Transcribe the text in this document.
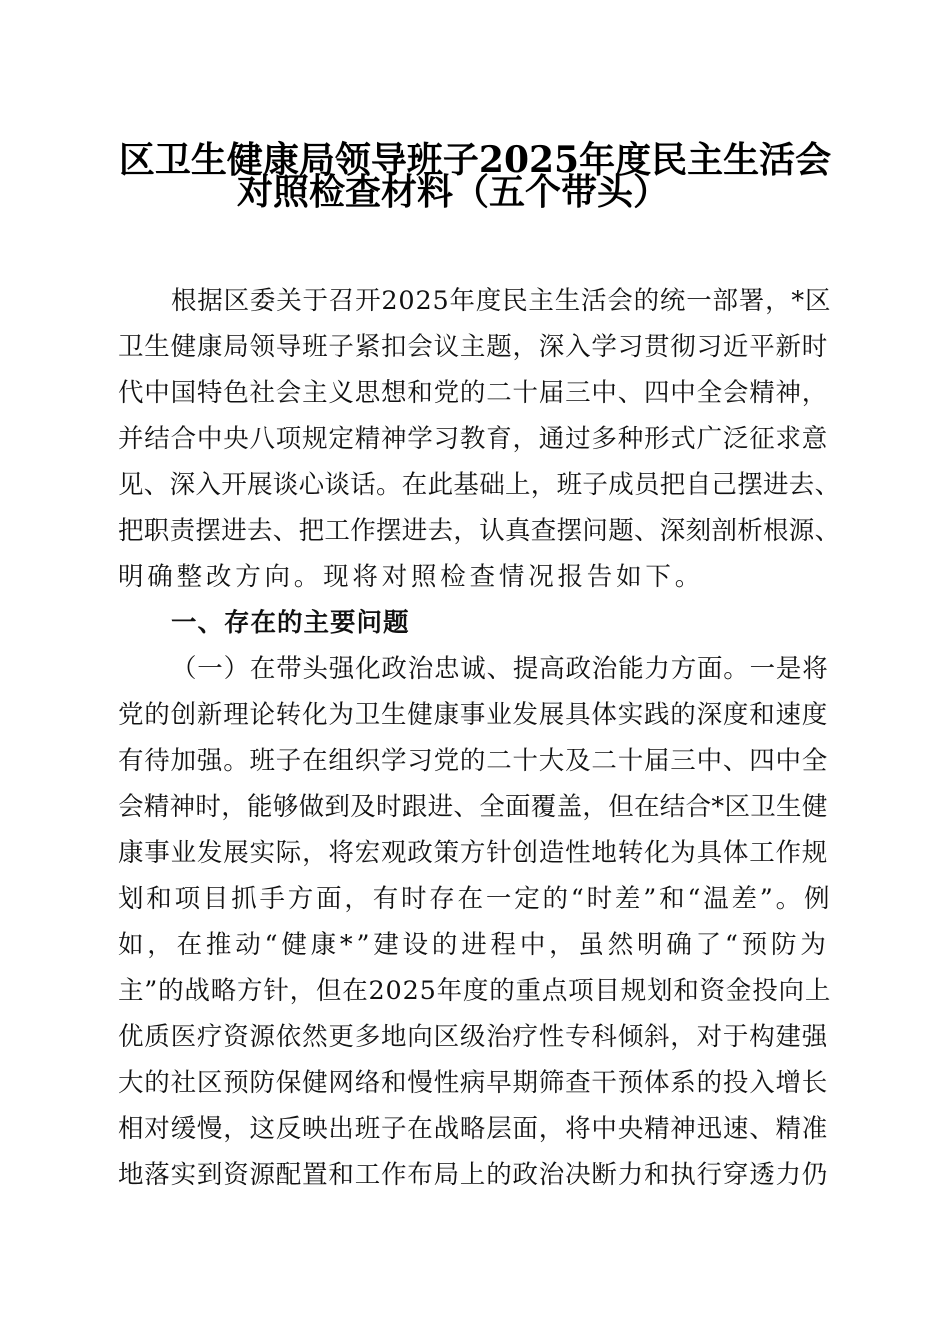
区卫生健康局领导班子2025年度民主生活会
对照检查材料（五个带头）
根据区委关于召开2025年度民主生活会的统一部署，*区
卫生健康局领导班子紧扣会议主题，深入学习贯彻习近平新时
代中国特色社会主义思想和党的二十届三中、四中全会精神，
并结合中央八项规定精神学习教育，通过多种形式广泛征求意
见、深入开展谈心谈话。在此基础上，班子成员把自己摆进去、
把职责摆进去、把工作摆进去，认真查摆问题、深刻剖析根源、
明确整改方向。现将对照检查情况报告如下。
一、存在的主要问题
（一）在带头强化政治忠诚、提高政治能力方面。一是将
党的创新理论转化为卫生健康事业发展具体实践的深度和速度
有待加强。班子在组织学习党的二十大及二十届三中、四中全
会精神时，能够做到及时跟进、全面覆盖，但在结合*区卫生健
康事业发展实际，将宏观政策方针创造性地转化为具体工作规
划和项目抓手方面，有时存在一定的“时差”和“温差”。例
如，在推动“健康*”建设的进程中，虽然明确了“预防为
主”的战略方针，但在2025年度的重点项目规划和资金投向上
优质医疗资源依然更多地向区级治疗性专科倾斜，对于构建强
大的社区预防保健网络和慢性病早期筛查干预体系的投入增长
相对缓慢，这反映出班子在战略层面，将中央精神迅速、精准
地落实到资源配置和工作布局上的政治决断力和执行穿透力仍
